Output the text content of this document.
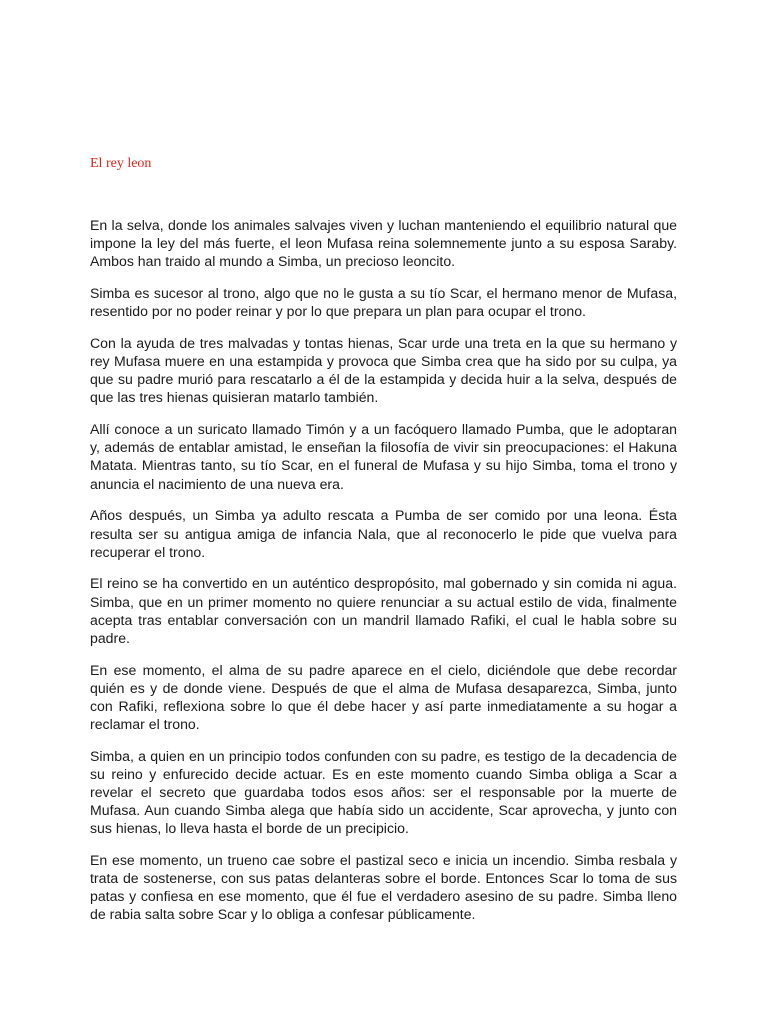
El rey leon

En la selva, donde los animales salvajes viven y luchan manteniendo el equilibrio natural que impone la ley del más fuerte, el leon Mufasa reina solemnemente junto a su esposa Saraby. Ambos han traido al mundo a Simba, un precioso leoncito.

Simba es sucesor al trono, algo que no le gusta a su tío Scar, el hermano menor de Mufasa, resentido por no poder reinar y por lo que prepara un plan para ocupar el trono.

Con la ayuda de tres malvadas y tontas hienas, Scar urde una treta en la que su hermano y rey Mufasa muere en una estampida y provoca que Simba crea que ha sido por su culpa, ya que su padre murió para rescatarlo a él de la estampida y decida huir a la selva, después de que las tres hienas quisieran matarlo también.

Allí conoce a un suricato llamado Timón y a un facóquero llamado Pumba, que le adoptaran y, además de entablar amistad, le enseñan la filosofía de vivir sin preocupaciones: el Hakuna Matata. Mientras tanto, su tío Scar, en el funeral de Mufasa y su hijo Simba, toma el trono y anuncia el nacimiento de una nueva era.

Años después, un Simba ya adulto rescata a Pumba de ser comido por una leona. Ésta resulta ser su antigua amiga de infancia Nala, que al reconocerlo le pide que vuelva para recuperar el trono.

El reino se ha convertido en un auténtico despropósito, mal gobernado y sin comida ni agua. Simba, que en un primer momento no quiere renunciar a su actual estilo de vida, finalmente acepta tras entablar conversación con un mandril llamado Rafiki, el cual le habla sobre su padre.

En ese momento, el alma de su padre aparece en el cielo, diciéndole que debe recordar quién es y de donde viene. Después de que el alma de Mufasa desaparezca, Simba, junto con Rafiki, reflexiona sobre lo que él debe hacer y así parte inmediatamente a su hogar a reclamar el trono.

Simba, a quien en un principio todos confunden con su padre, es testigo de la decadencia de su reino y enfurecido decide actuar. Es en este momento cuando Simba obliga a Scar a revelar el secreto que guardaba todos esos años: ser el responsable por la muerte de Mufasa. Aun cuando Simba alega que había sido un accidente, Scar aprovecha, y junto con sus hienas, lo lleva hasta el borde de un precipicio.

En ese momento, un trueno cae sobre el pastizal seco e inicia un incendio. Simba resbala y trata de sostenerse, con sus patas delanteras sobre el borde. Entonces Scar lo toma de sus patas y confiesa en ese momento, que él fue el verdadero asesino de su padre. Simba lleno de rabia salta sobre Scar y lo obliga a confesar públicamente.
